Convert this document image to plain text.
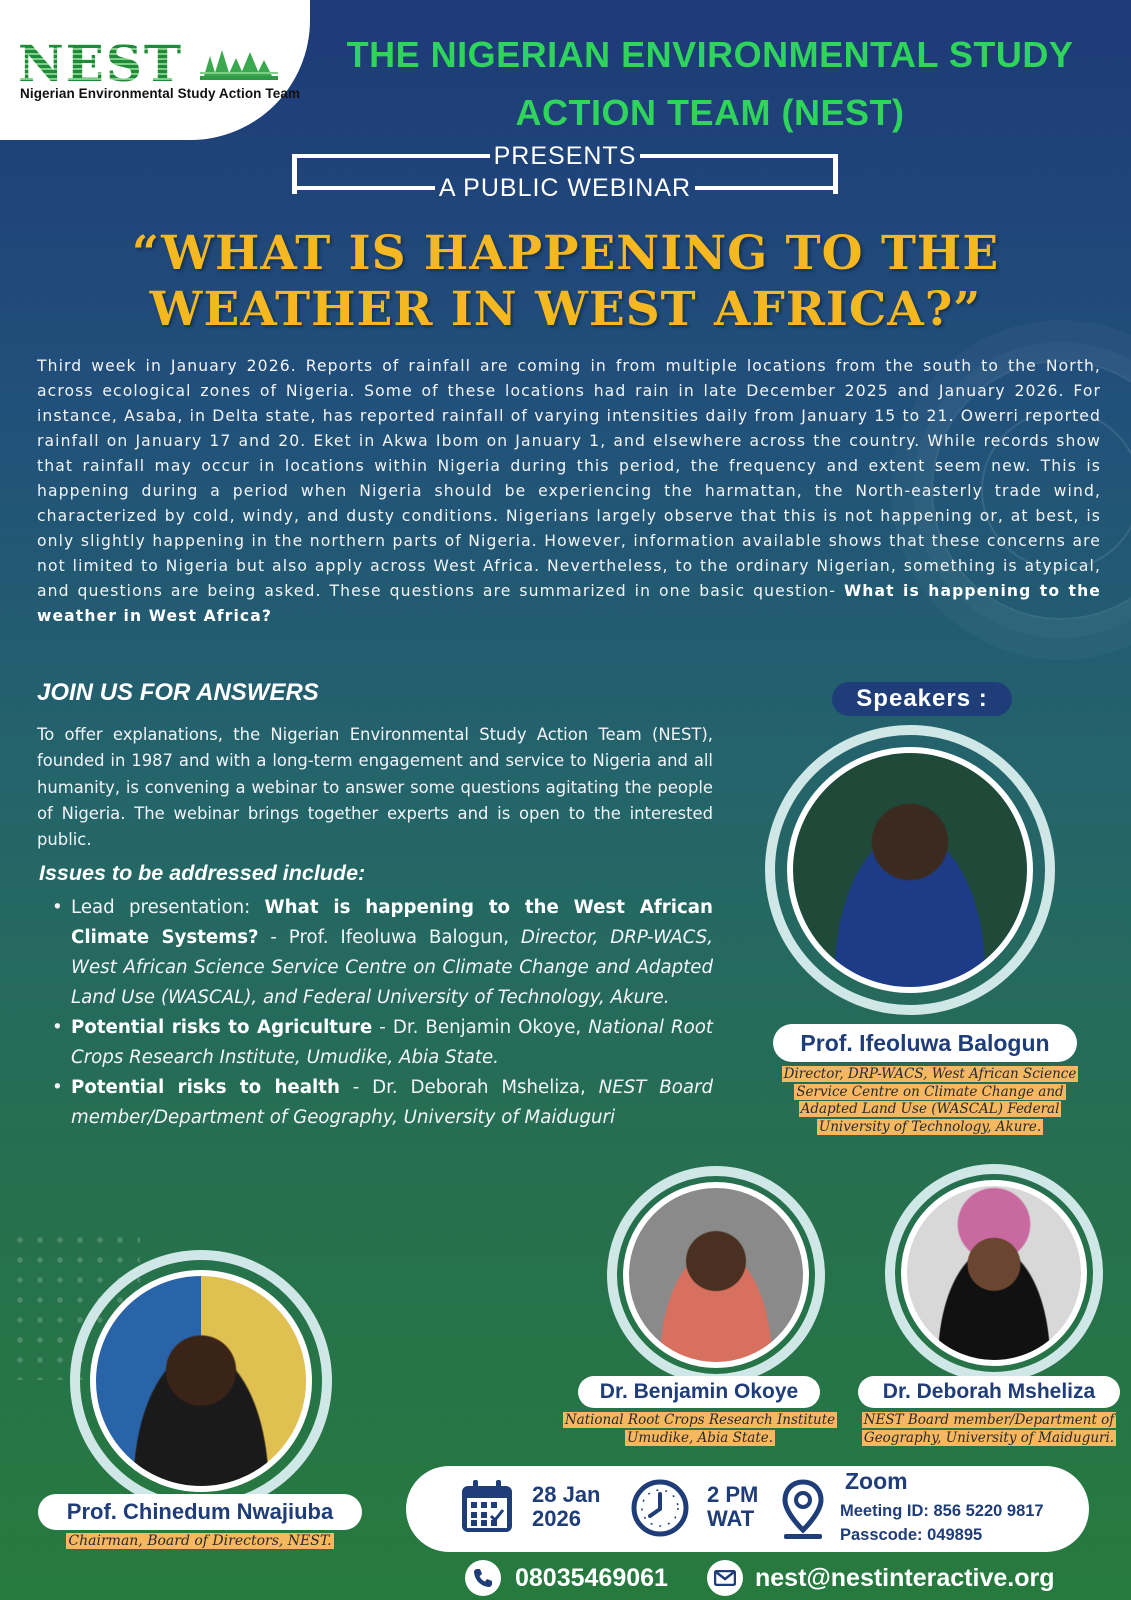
NEST
Nigerian Environmental Study Action Team
THE NIGERIAN ENVIRONMENTAL STUDY ACTION TEAM (NEST)
PRESENTS
A PUBLIC WEBINAR
“WHAT IS HAPPENING TO THE WEATHER IN WEST AFRICA?”

Third week in January 2026. Reports of rainfall are coming in from multiple locations from the south to the North, across ecological zones of Nigeria. Some of these locations had rain in late December 2025 and January 2026. For instance, Asaba, in Delta state, has reported rainfall of varying intensities daily from January 15 to 21. Owerri reported rainfall on January 17 and 20. Eket in Akwa Ibom on January 1, and elsewhere across the country. While records show that rainfall may occur in locations within Nigeria during this period, the frequency and extent seem new. This is happening during a period when Nigeria should be experiencing the harmattan, the North-easterly trade wind, characterized by cold, windy, and dusty conditions. Nigerians largely observe that this is not happening or, at best, is only slightly happening in the northern parts of Nigeria. However, information available shows that these concerns are not limited to Nigeria but also apply across West Africa. Nevertheless, to the ordinary Nigerian, something is atypical, and questions are being asked. These questions are summarized in one basic question- What is happening to the weather in West Africa?

JOIN US FOR ANSWERS

To offer explanations, the Nigerian Environmental Study Action Team (NEST), founded in 1987 and with a long-term engagement and service to Nigeria and all humanity, is convening a webinar to answer some questions agitating the people of Nigeria. The webinar brings together experts and is open to the interested public.

Issues to be addressed include:
• Lead presentation: What is happening to the West African Climate Systems? - Prof. Ifeoluwa Balogun, Director, DRP-WACS, West African Science Service Centre on Climate Change and Adapted Land Use (WASCAL), and Federal University of Technology, Akure.
• Potential risks to Agriculture - Dr. Benjamin Okoye, National Root Crops Research Institute, Umudike, Abia State.
• Potential risks to health - Dr. Deborah Msheliza, NEST Board member/Department of Geography, University of Maiduguri
Speakers :
Prof. Ifeoluwa Balogun
Director, DRP-WACS, West African Science Service Centre on Climate Change and Adapted Land Use (WASCAL) Federal University of Technology, Akure.
Dr. Benjamin Okoye
National Root Crops Research Institute Umudike, Abia State.
Dr. Deborah Msheliza
NEST Board member/Department of Geography, University of Maiduguri.
Prof. Chinedum Nwajiuba
Chairman, Board of Directors, NEST.
28 Jan
2026
2 PM
WAT
Zoom
Meeting ID: 856 5220 9817
Passcode: 049895
08035469061	nest@nestinteractive.org
